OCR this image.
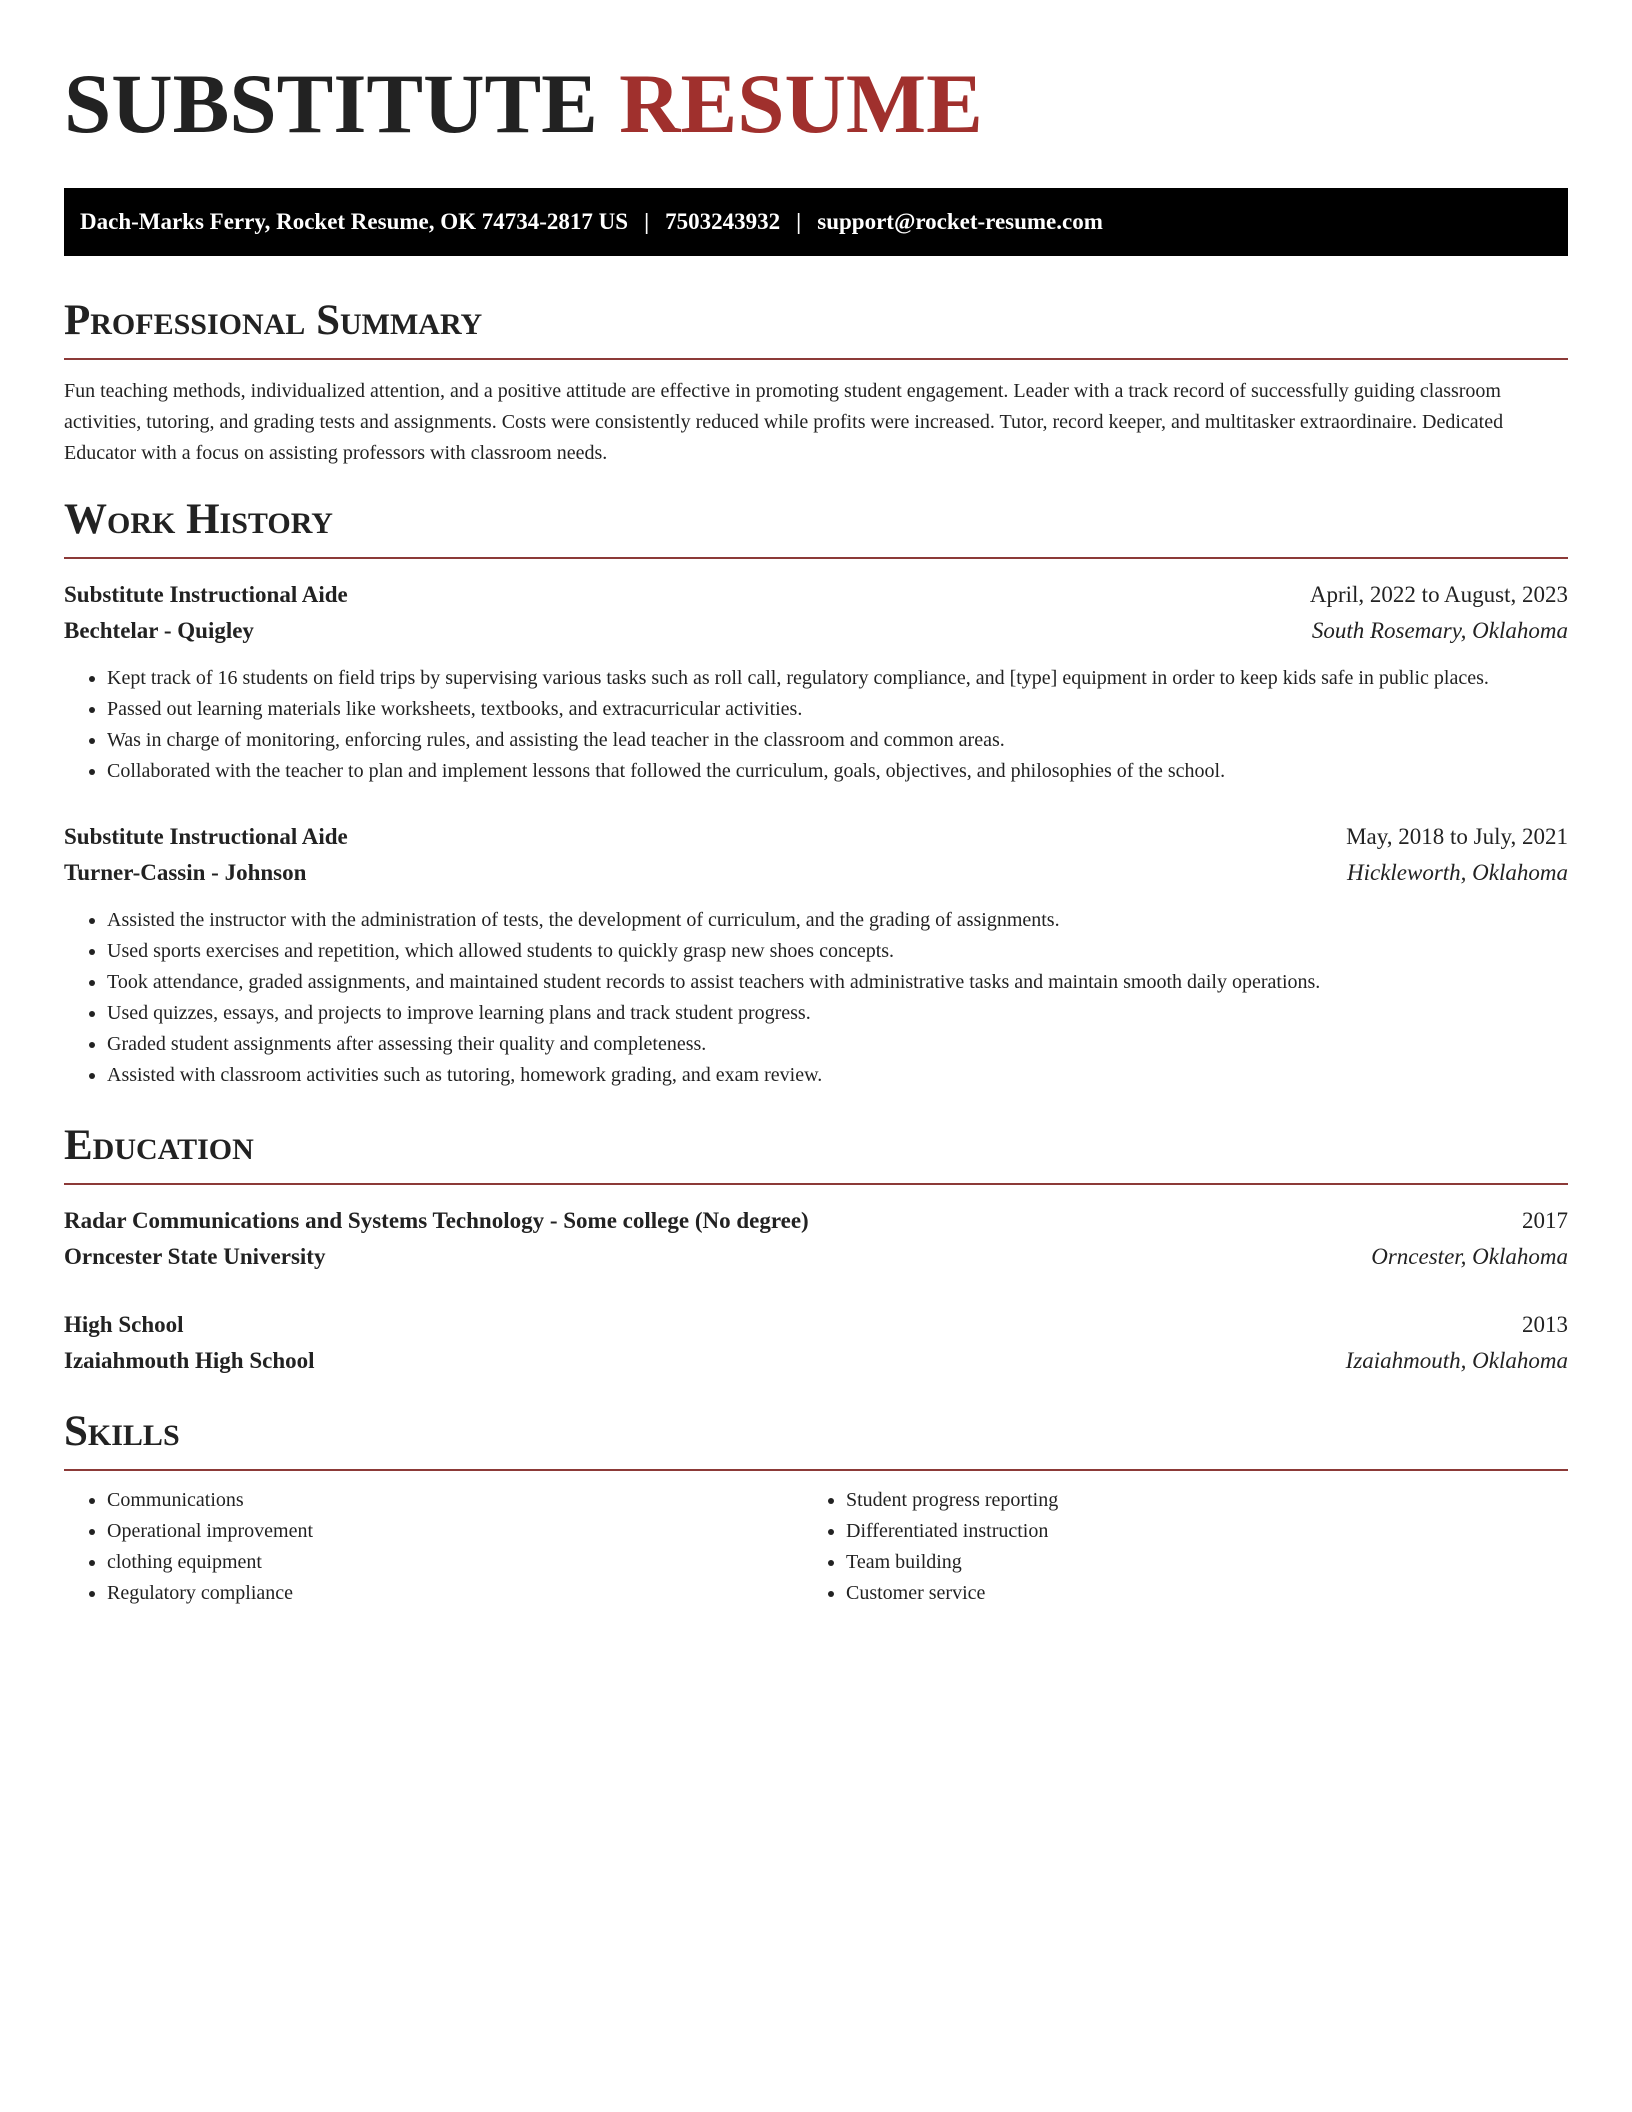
SUBSTITUTE RESUME
Dach-Marks Ferry, Rocket Resume, OK 74734-2817 US | 7503243932 | support@rocket-resume.com
Professional Summary

Fun teaching methods, individualized attention, and a positive attitude are effective in promoting student engagement. Leader with a track record of successfully guiding classroom activities, tutoring, and grading tests and assignments. Costs were consistently reduced while profits were increased. Tutor, record keeper, and multitasker extraordinaire. Dedicated Educator with a focus on assisting professors with classroom needs.

Work History
Substitute Instructional Aide	April, 2022 to August, 2023
Bechtelar - Quigley	South Rosemary, Oklahoma
• Kept track of 16 students on field trips by supervising various tasks such as roll call, regulatory compliance, and [type] equipment in order to keep kids safe in public places.
• Passed out learning materials like worksheets, textbooks, and extracurricular activities.
• Was in charge of monitoring, enforcing rules, and assisting the lead teacher in the classroom and common areas.
• Collaborated with the teacher to plan and implement lessons that followed the curriculum, goals, objectives, and philosophies of the school.
Substitute Instructional Aide	May, 2018 to July, 2021
Turner-Cassin - Johnson	Hickleworth, Oklahoma
• Assisted the instructor with the administration of tests, the development of curriculum, and the grading of assignments.
• Used sports exercises and repetition, which allowed students to quickly grasp new shoes concepts.
• Took attendance, graded assignments, and maintained student records to assist teachers with administrative tasks and maintain smooth daily operations.
• Used quizzes, essays, and projects to improve learning plans and track student progress.
• Graded student assignments after assessing their quality and completeness.
• Assisted with classroom activities such as tutoring, homework grading, and exam review.
Education
Radar Communications and Systems Technology - Some college (No degree)	2017
Orncester State University	Orncester, Oklahoma
High School	2013
Izaiahmouth High School	Izaiahmouth, Oklahoma
Skills
• Communications
• Operational improvement
• clothing equipment
• Regulatory compliance
• Student progress reporting
• Differentiated instruction
• Team building
• Customer service
